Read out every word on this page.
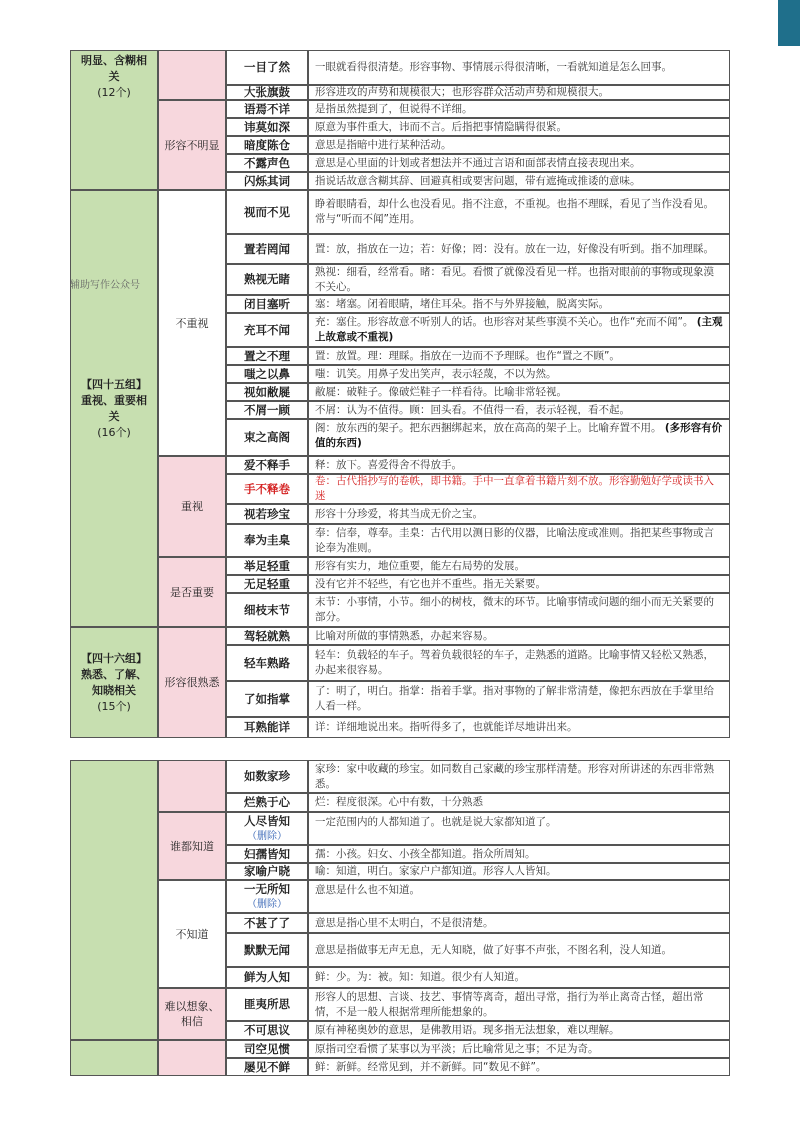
明显、含糊相
关
(12个)
【四十五组】
重视、重要相
关
(16个)
【四十六组】
熟悉、了解、
知晓相关
(15个)
辅助写作公众号
形容不明显
不重视
重视
是否重要
形容很熟悉
一目了然 一眼就看得很清楚。形容事物、事情展示得很清晰，一看就知道是怎么回事。
大张旗鼓 形容进攻的声势和规模很大；也形容群众活动声势和规模很大。
语焉不详 是指虽然提到了，但说得不详细。
讳莫如深 原意为事件重大，讳而不言。后指把事情隐瞒得很紧。
暗度陈仓 意思是指暗中进行某种活动。
不露声色 意思是心里面的计划或者想法并不通过言语和面部表情直接表现出来。
闪烁其词 指说话故意含糊其辞、回避真相或要害问题，带有遮掩或推诿的意味。
视而不见
睁着眼睛看，却什么也没看见。指不注意，不重视。也指不理睬，看见了当作没看见。常与“听而不闻”连用。
置若罔闻 置：放，指放在一边；若：好像；罔：没有。放在一边，好像没有听到。指不加理睬。
熟视无睹
熟视：细看，经常看。睹：看见。看惯了就像没看见一样。也指对眼前的事物或现象漠不关心。
闭目塞听 塞：堵塞。闭着眼睛，堵住耳朵。指不与外界接触，脱离实际。
充耳不闻
充：塞住。形容故意不听别人的话。也形容对某些事漠不关心。也作“充而不闻”。 (主观上故意或不重视)
置之不理 置：放置。理：理睬。指放在一边而不予理睬。也作“置之不顾”。
嗤之以鼻 嗤：讥笑。用鼻子发出笑声，表示轻蔑，不以为然。
视如敝屣 敝屣：破鞋子。像破烂鞋子一样看待。比喻非常轻视。
不屑一顾 不屑：认为不值得。顾：回头看。不值得一看，表示轻视，看不起。
束之高阁
阁：放东西的架子。把东西捆绑起来，放在高高的架子上。比喻弃置不用。 (多形容有价值的东西)
爱不释手 释：放下。喜爱得舍不得放手。
手不释卷
卷：古代指抄写的卷帙，即书籍。手中一直拿着书籍片刻不放。形容勤勉好学或读书入迷
视若珍宝 形容十分珍爱，将其当成无价之宝。
奉为圭臬
奉：信奉，尊奉。圭臬：古代用以测日影的仪器，比喻法度或准则。指把某些事物或言论奉为准则。
举足轻重 形容有实力，地位重要，能左右局势的发展。
无足轻重 没有它并不轻些，有它也并不重些。指无关紧要。
细枝末节
末节：小事情，小节。细小的树枝，微末的环节。比喻事情或问题的细小而无关紧要的部分。
驾轻就熟 比喻对所做的事情熟悉，办起来容易。
轻车熟路
轻车：负载轻的车子。驾着负载很轻的车子，走熟悉的道路。比喻事情又轻松又熟悉，办起来很容易。
了如指掌
了：明了，明白。指掌：指着手掌。指对事物的了解非常清楚，像把东西放在手掌里给人看一样。
耳熟能详 详：详细地说出来。指听得多了，也就能详尽地讲出来。
谁都知道
不知道
难以想象、相信
如数家珍
家珍：家中收藏的珍宝。如同数自己家藏的珍宝那样清楚。形容对所讲述的东西非常熟悉。
烂熟于心 烂：程度很深。心中有数，十分熟悉
人尽皆知
（删除）
一定范围内的人都知道了。也就是说大家都知道了。
妇孺皆知 孺：小孩。妇女、小孩全都知道。指众所周知。
家喻户晓 喻：知道，明白。家家户户都知道。形容人人皆知。
一无所知
（删除）
意思是什么也不知道。
不甚了了 意思是指心里不太明白，不是很清楚。
默默无闻 意思是指做事无声无息，无人知晓，做了好事不声张，不图名利，没人知道。
鲜为人知 鲜：少。为：被。知：知道。很少有人知道。
匪夷所思
形容人的思想、言谈、技艺、事情等离奇，超出寻常，指行为举止离奇古怪，超出常情，不是一般人根据常理所能想象的。
不可思议 原有神秘奥妙的意思，是佛教用语。现多指无法想象，难以理解。
司空见惯 原指司空看惯了某事以为平淡；后比喻常见之事；不足为奇。
屡见不鲜 鲜：新鲜。经常见到，并不新鲜。同“数见不鲜”。
